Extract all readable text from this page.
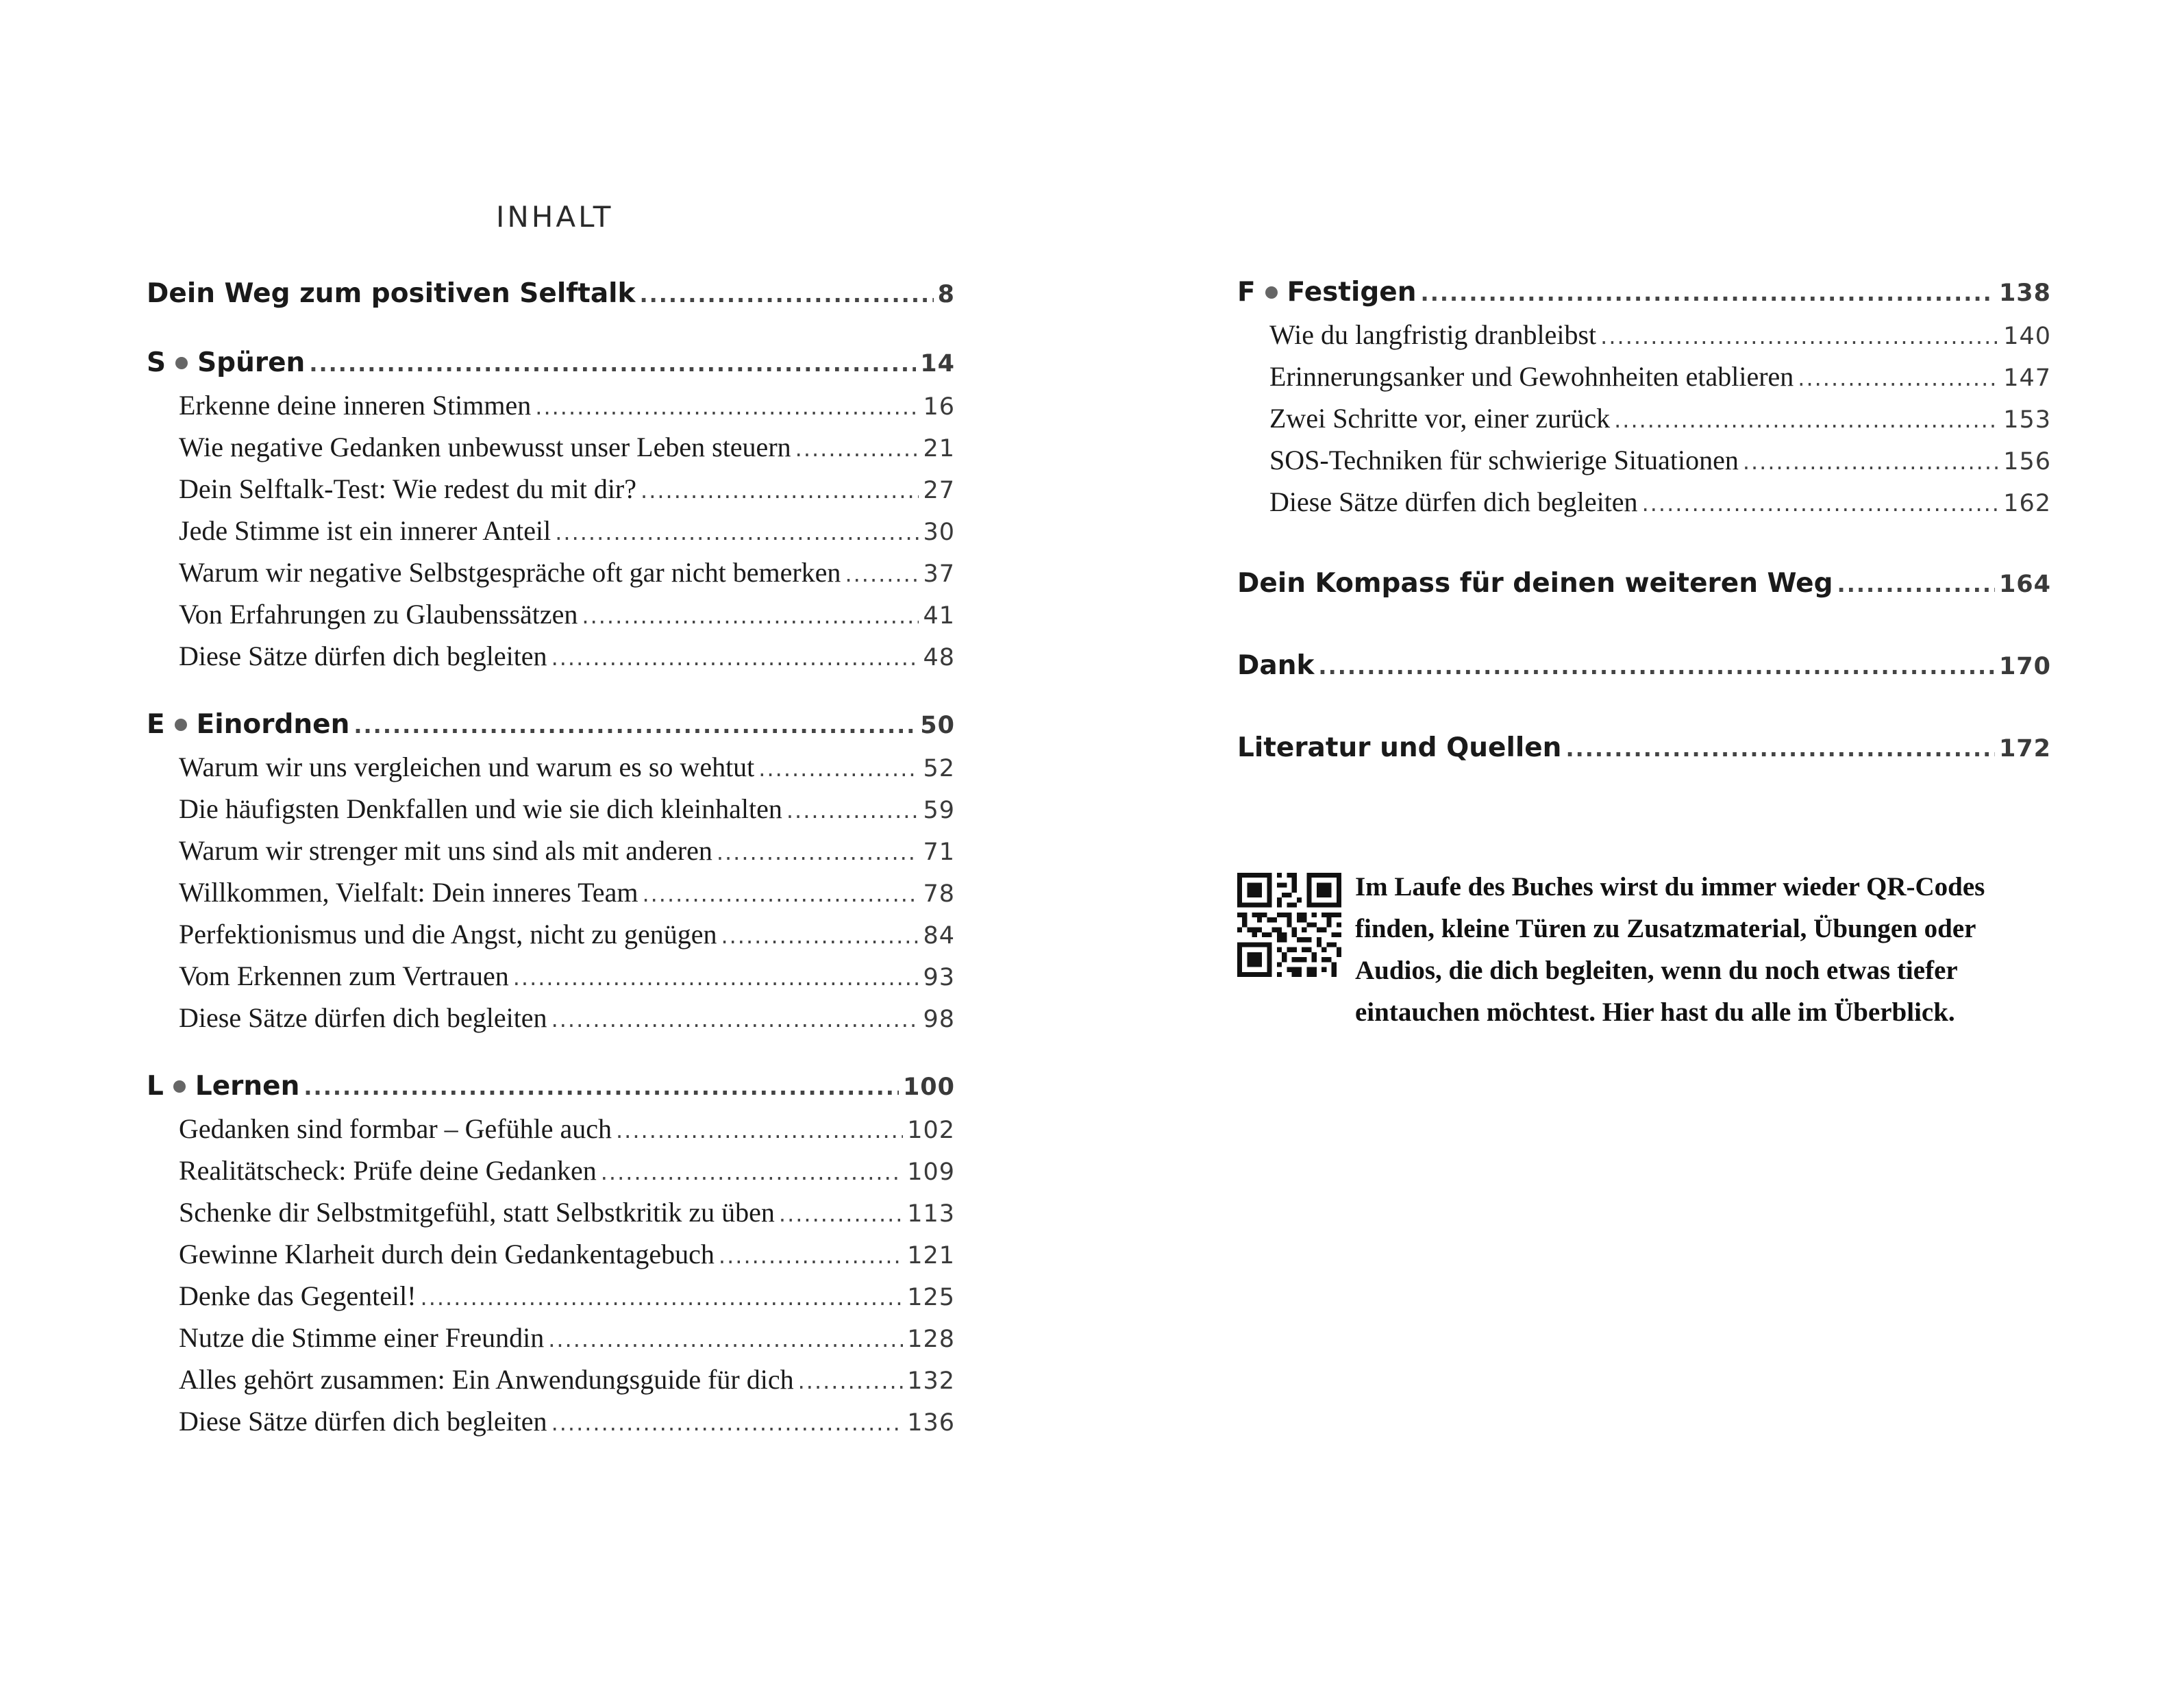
INHALT
Dein Weg zum positiven Selftalk .....	8
S Spüren .....	14
Erkenne deine inneren Stimmen .....	16
Wie negative Gedanken unbewusst unser Leben steuern .....	21
Dein Selftalk-Test: Wie redest du mit dir? .....	27
Jede Stimme ist ein innerer Anteil .....	30
Warum wir negative Selbstgespräche oft gar nicht bemerken .....	37
Von Erfahrungen zu Glaubenssätzen .....	41
Diese Sätze dürfen dich begleiten .....	48
E Einordnen .....	50
Warum wir uns vergleichen und warum es so wehtut .....	52
Die häufigsten Denkfallen und wie sie dich kleinhalten .....	59
Warum wir strenger mit uns sind als mit anderen .....	71
Willkommen, Vielfalt: Dein inneres Team .....	78
Perfektionismus und die Angst, nicht zu genügen .....	84
Vom Erkennen zum Vertrauen .....	93
Diese Sätze dürfen dich begleiten .....	98
L Lernen .....	100
Gedanken sind formbar – Gefühle auch .....	102
Realitätscheck: Prüfe deine Gedanken .....	109
Schenke dir Selbstmitgefühl, statt Selbstkritik zu üben .....	113
Gewinne Klarheit durch dein Gedankentagebuch .....	121
Denke das Gegenteil! .....	125
Nutze die Stimme einer Freundin .....	128
Alles gehört zusammen: Ein Anwendungsguide für dich .....	132
Diese Sätze dürfen dich begleiten .....	136
F Festigen .....	138
Wie du langfristig dranbleibst .....	140
Erinnerungsanker und Gewohnheiten etablieren .....	147
Zwei Schritte vor, einer zurück .....	153
SOS-Techniken für schwierige Situationen .....	156
Diese Sätze dürfen dich begleiten .....	162
Dein Kompass für deinen weiteren Weg .....	164
Dank .....	170
Literatur und Quellen .....	172
Im Laufe des Buches wirst du immer wieder QR-Codes finden, kleine Türen zu Zusatzmaterial, Übungen oder Audios, die dich begleiten, wenn du noch etwas tiefer eintauchen möchtest. Hier hast du alle im Überblick.
